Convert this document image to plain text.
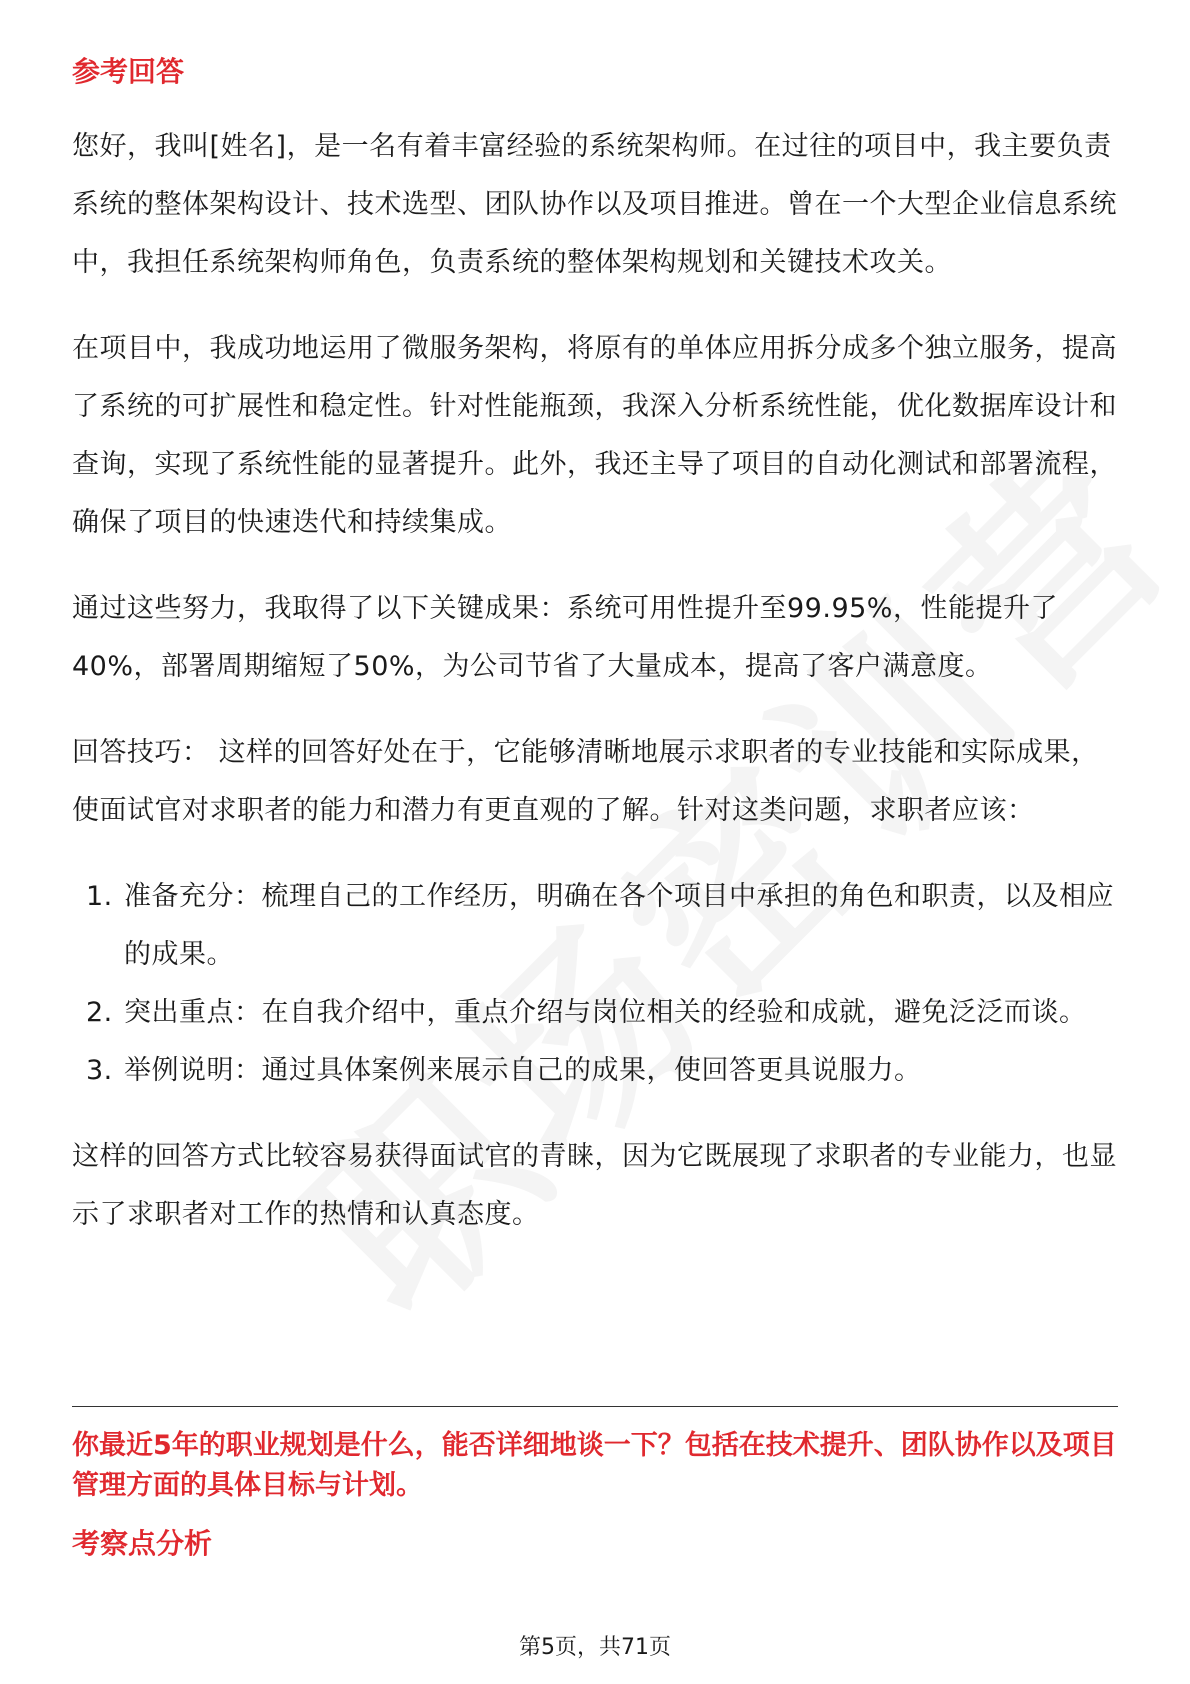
参考回答

您好，我叫[姓名]，是一名有着丰富经验的系统架构师。在过往的项目中，我主要负责系统的整体架构设计、技术选型、团队协作以及项目推进。曾在一个大型企业信息系统中，我担任系统架构师角色，负责系统的整体架构规划和关键技术攻关。

在项目中，我成功地运用了微服务架构，将原有的单体应用拆分成多个独立服务，提高了系统的可扩展性和稳定性。针对性能瓶颈，我深入分析系统性能，优化数据库设计和查询，实现了系统性能的显著提升。此外，我还主导了项目的自动化测试和部署流程，确保了项目的快速迭代和持续集成。

通过这些努力，我取得了以下关键成果：系统可用性提升至99.95%，性能提升了40%，部署周期缩短了50%，为公司节省了大量成本，提高了客户满意度。

回答技巧： 这样的回答好处在于，它能够清晰地展示求职者的专业技能和实际成果，使面试官对求职者的能力和潜力有更直观的了解。针对这类问题，求职者应该：

1. 准备充分：梳理自己的工作经历，明确在各个项目中承担的角色和职责，以及相应的成果。
2. 突出重点：在自我介绍中，重点介绍与岗位相关的经验和成就，避免泛泛而谈。
3. 举例说明：通过具体案例来展示自己的成果，使回答更具说服力。

这样的回答方式比较容易获得面试官的青睐，因为它既展现了求职者的专业能力，也显示了求职者对工作的热情和认真态度。

你最近5年的职业规划是什么，能否详细地谈一下？包括在技术提升、团队协作以及项目管理方面的具体目标与计划。

考察点分析
第5页，共71页
